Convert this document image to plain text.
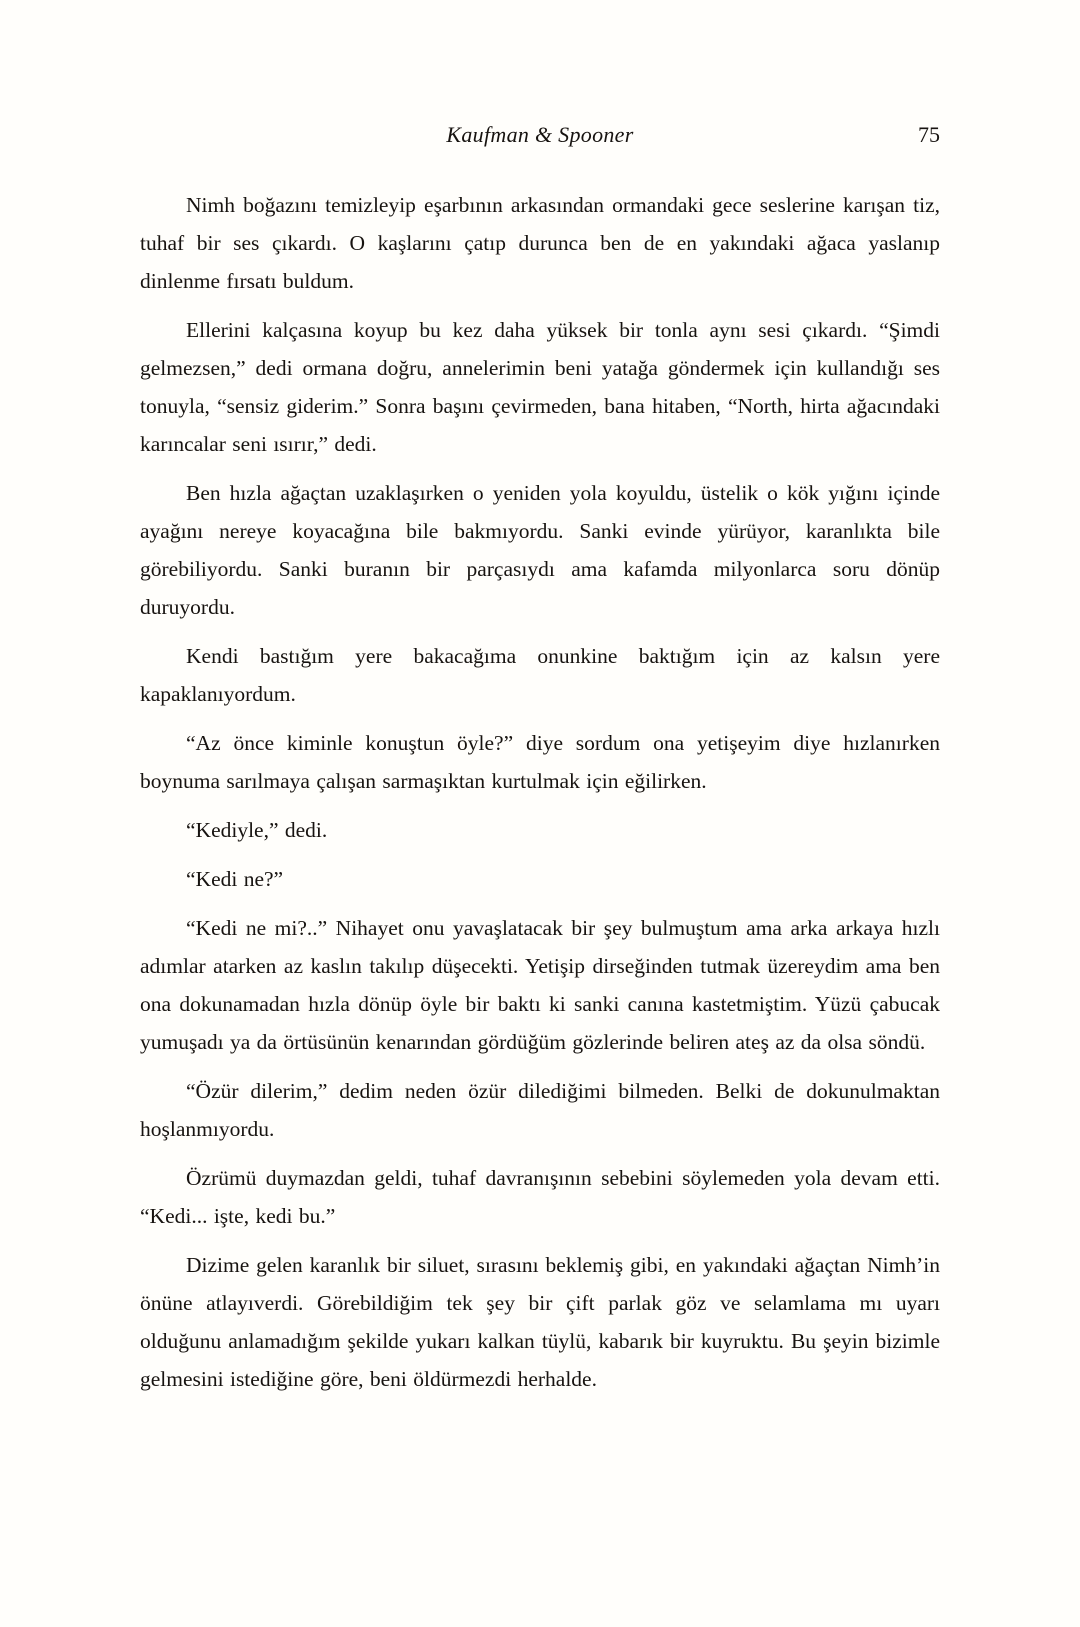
Kaufman & Spooner	75

Nimh boğazını temizleyip eşarbının arkasından ormandaki gece seslerine karışan tiz, tuhaf bir ses çıkardı. O kaşlarını çatıp durunca ben de en yakındaki ağaca yaslanıp dinlenme fırsatı buldum.

Ellerini kalçasına koyup bu kez daha yüksek bir tonla aynı sesi çıkardı. “Şimdi gelmezsen,” dedi ormana doğru, annelerimin beni yatağa göndermek için kullandığı ses tonuyla, “sensiz giderim.” Sonra başını çevirmeden, bana hitaben, “North, hirta ağacındaki karıncalar seni ısırır,” dedi.

Ben hızla ağaçtan uzaklaşırken o yeniden yola koyuldu, üstelik o kök yığını içinde ayağını nereye koyacağına bile bakmıyordu. Sanki evinde yürüyor, karanlıkta bile görebiliyordu. Sanki buranın bir parçasıydı ama kafamda milyonlarca soru dönüp duruyordu.

Kendi bastığım yere bakacağıma onunkine baktığım için az kalsın yere kapaklanıyordum.

“Az önce kiminle konuştun öyle?” diye sordum ona yetişeyim diye hızlanırken boynuma sarılmaya çalışan sarmaşıktan kurtulmak için eğilirken.

“Kediyle,” dedi.

“Kedi ne?”

“Kedi ne mi?..” Nihayet onu yavaşlatacak bir şey bulmuştum ama arka arkaya hızlı adımlar atarken az kaslın takılıp düşecekti. Yetişip dirseğinden tutmak üzereydim ama ben ona dokunamadan hızla dönüp öyle bir baktı ki sanki canına kastetmiştim. Yüzü çabucak yumuşadı ya da örtüsünün kenarından gördüğüm gözlerinde beliren ateş az da olsa söndü.

“Özür dilerim,” dedim neden özür dilediğimi bilmeden. Belki de dokunulmaktan hoşlanmıyordu.

Özrümü duymazdan geldi, tuhaf davranışının sebebini söylemeden yola devam etti. “Kedi... işte, kedi bu.”

Dizime gelen karanlık bir siluet, sırasını beklemiş gibi, en yakındaki ağaçtan Nimh’in önüne atlayıverdi. Görebildiğim tek şey bir çift parlak göz ve selamlama mı uyarı olduğunu anlamadığım şekilde yukarı kalkan tüylü, kabarık bir kuyruktu. Bu şeyin bizimle gelmesini istediğine göre, beni öldürmezdi herhalde.
